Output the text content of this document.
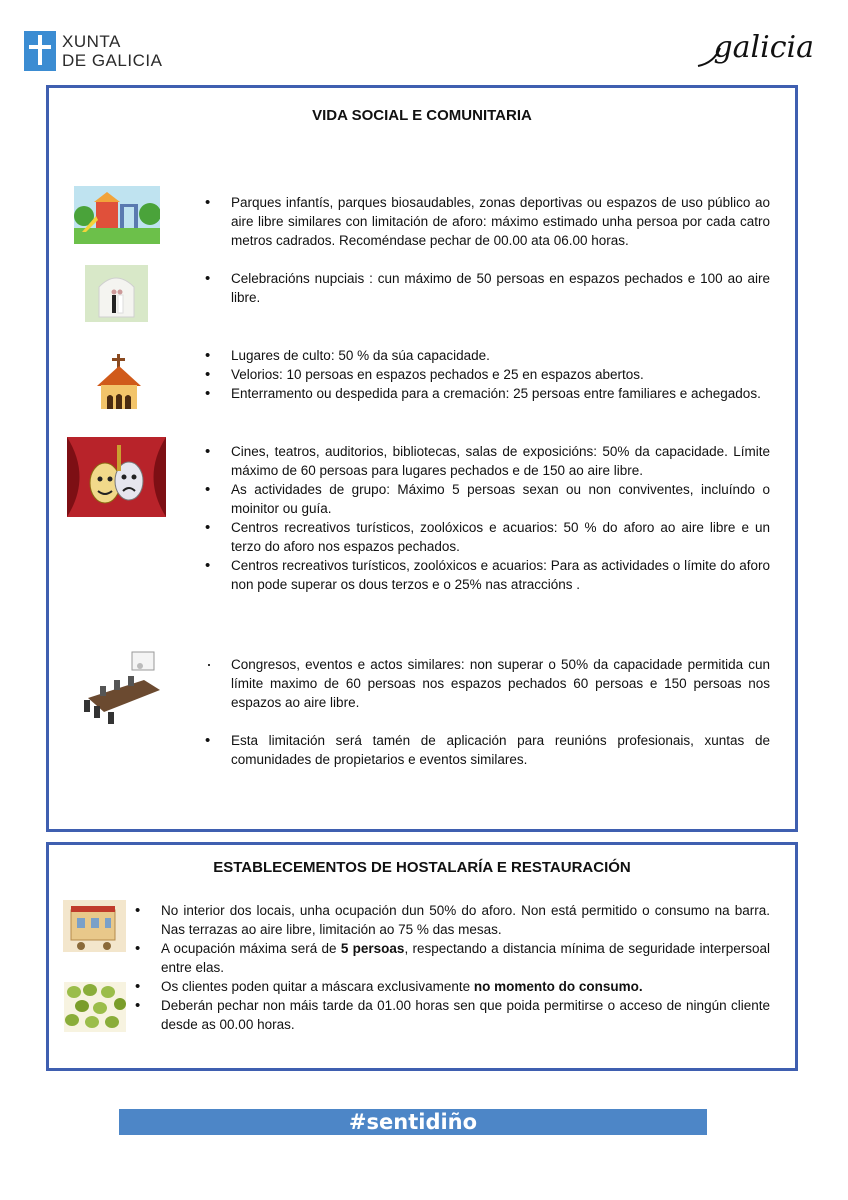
XUNTA
DE GALICIA	galicia
VIDA SOCIAL E COMUNITARIA
• Parques infantís, parques biosaudables, zonas deportivas ou espazos de uso público ao aire libre similares con limitación de aforo: máximo estimado unha persoa por cada catro metros cadrados. Recoméndase pechar de 00.00 ata 06.00 horas.
• Celebracións nupciais : cun máximo de 50 persoas en espazos pechados e 100 ao aire libre.
• Lugares de culto: 50 % da súa capacidade.
• Velorios: 10 persoas en espazos pechados e 25 en espazos abertos.
• Enterramento ou despedida para a cremación: 25 persoas entre familiares e achegados.
• Cines, teatros, auditorios, bibliotecas, salas de exposicións: 50% da capacidade. Límite máximo de 60 persoas para lugares pechados e de 150 ao aire libre.
• As actividades de grupo: Máximo 5 persoas sexan ou non conviventes, incluíndo o moinitor ou guía.
• Centros recreativos turísticos, zoolóxicos e acuarios: 50 % do aforo ao aire libre e un terzo do aforo nos espazos pechados.
• Centros recreativos turísticos, zoolóxicos e acuarios: Para as actividades o límite do aforo non pode superar os dous terzos e o 25% nas atraccións .
· Congresos, eventos e actos similares: non superar o 50% da capacidade permitida cun límite maximo de 60 persoas nos espazos pechados 60 persoas e 150 persoas nos espazos ao aire libre.
• Esta limitación será tamén de aplicación para reunións profesionais, xuntas de comunidades de propietarios e eventos similares.
ESTABLECEMENTOS DE HOSTALARÍA E RESTAURACIÓN
• No interior dos locais, unha ocupación dun 50% do aforo. Non está permitido o consumo na barra. Nas terrazas ao aire libre, limitación ao 75 % das mesas.
• A ocupación máxima será de 5 persoas, respectando a distancia mínima de seguridade interpersoal entre elas.
• Os clientes poden quitar a máscara exclusivamente no momento do consumo.
• Deberán pechar non máis tarde da 01.00 horas sen que poida permitirse o acceso de ningún cliente desde as 00.00 horas.
#sentidiño
